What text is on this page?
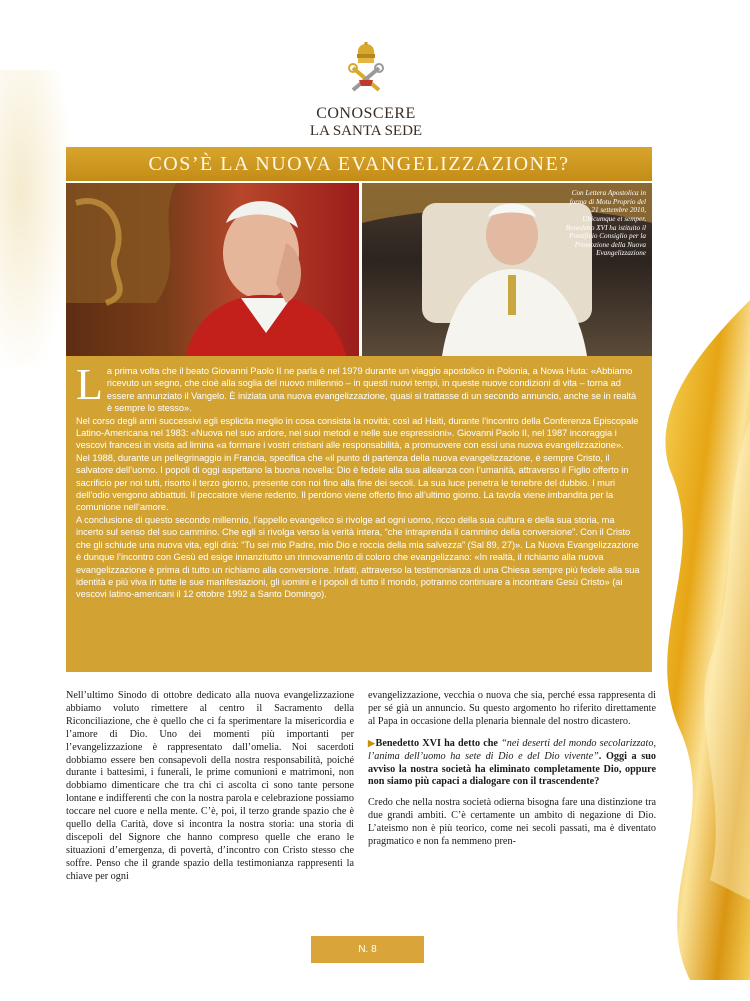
CONOSCERE
LA SANTA SEDE
COS’È LA NUOVA EVANGELIZZAZIONE?
Con Lettera Apostolica in forma di Motu Proprio del 21 settembre 2010, Ubicumque et semper, Benedetto XVI ha istituito il Pontificio Consiglio per la Promozione della Nuova Evangelizzazione
L a prima volta che il beato Giovanni Paolo II ne parla è nel 1979 durante un viaggio apostolico in Polonia, a Nowa Huta: «Abbiamo ricevuto un segno, che cioè alla soglia del nuovo millennio – in questi nuovi tempi, in queste nuove condizioni di vita – torna ad essere annunziato il Vangelo. È iniziata una nuova evangelizzazione, quasi si trattasse di un secondo annuncio, anche se in realtà è sempre lo stesso».

Nel corso degli anni successivi egli esplicita meglio in cosa consista la novità; così ad Haiti, durante l’incontro della Conferenza Episcopale Latino-Americana nel 1983: «Nuova nel suo ardore, nei suoi metodi e nelle sue espressioni». Giovanni Paolo II, nel 1987 incoraggia i vescovi francesi in visita ad limina «a formare i vostri cristiani alle responsabilità, a promuovere con essi una nuova evangelizzazione».

Nel 1988, durante un pellegrinaggio in Francia, specifica che «il punto di partenza della nuova evangelizzazione, è sempre Cristo, il salvatore dell’uomo. I popoli di oggi aspettano la buona novella: Dio è fedele alla sua alleanza con l’umanità, attraverso il Figlio offerto in sacrificio per noi tutti, risorto il terzo giorno, presente con noi fino alla fine dei secoli. La sua luce penetra le tenebre del dubbio. I muri dell’odio vengono abbattuti. Il peccatore viene redento. Il perdono viene offerto fino all’ultimo giorno. La tavola viene imbandita per la comunione nell’amore.

A conclusione di questo secondo millennio, l’appello evangelico si rivolge ad ogni uomo, ricco della sua cultura e della sua storia, ma incerto sul senso del suo cammino. Che egli si rivolga verso la verità intera, “che intraprenda il cammino della conversione”. Con il Cristo che gli schiude una nuova vita, egli dirà: “Tu sei mio Padre, mio Dio e roccia della mia salvezza” (Sal 89, 27)». La Nuova Evangelizzazione è dunque l’incontro con Gesù ed esige innanzitutto un rinnovamento di coloro che evangelizzano: «In realtà, il richiamo alla nuova evangelizzazione è prima di tutto un richiamo alla conversione. Infatti, attraverso la testimonianza di una Chiesa sempre più fedele alla sua identità e più viva in tutte le sue manifestazioni, gli uomini e i popoli di tutto il mondo, potranno continuare a incontrare Gesù Cristo» (ai vescovi latino-americani il 12 ottobre 1992 a Santo Domingo).

Nell’ultimo Sinodo di ottobre dedicato alla nuova evangelizzazione abbiamo voluto rimettere al centro il Sacramento della Riconciliazione, che è quello che ci fa sperimentare la misericordia e l’amore di Dio. Uno dei momenti più importanti per l’evangelizzazione è rappresentato dall’omelia. Noi sacerdoti dobbiamo essere ben consapevoli della nostra responsabilità, poiché durante i battesimi, i funerali, le prime comunioni e matrimoni, non dobbiamo dimenticare che tra chi ci ascolta ci sono tante persone lontane e indifferenti che con la nostra parola e celebrazione possiamo toccare nel cuore e nella mente. C’è, poi, il terzo grande spazio che è quello della Carità, dove si incontra la nostra storia: una storia di discepoli del Signore che hanno compreso quelle che erano le situazioni d’emergenza, di povertà, d’incontro con Cristo stesso che soffre. Penso che il grande spazio della testimonianza rappresenti la chiave per ogni

evangelizzazione, vecchia o nuova che sia, perché essa rappresenta di per sé già un annuncio. Su questo argomento ho riferito direttamente al Papa in occasione della plenaria biennale del nostro dicastero.

▶Benedetto XVI ha detto che “nei deserti del mondo secolarizzato, l’anima dell’uomo ha sete di Dio e del Dio vivente”. Oggi a suo avviso la nostra società ha eliminato completamente Dio, oppure non siamo più capaci a dialogare con il trascendente?

Credo che nella nostra società odierna bisogna fare una distinzione tra due grandi ambiti. C’è certamente un ambito di negazione di Dio. L’ateismo non è più teorico, come nei secoli passati, ma è diventato pragmatico e non fa nemmeno pren-

N. 8
